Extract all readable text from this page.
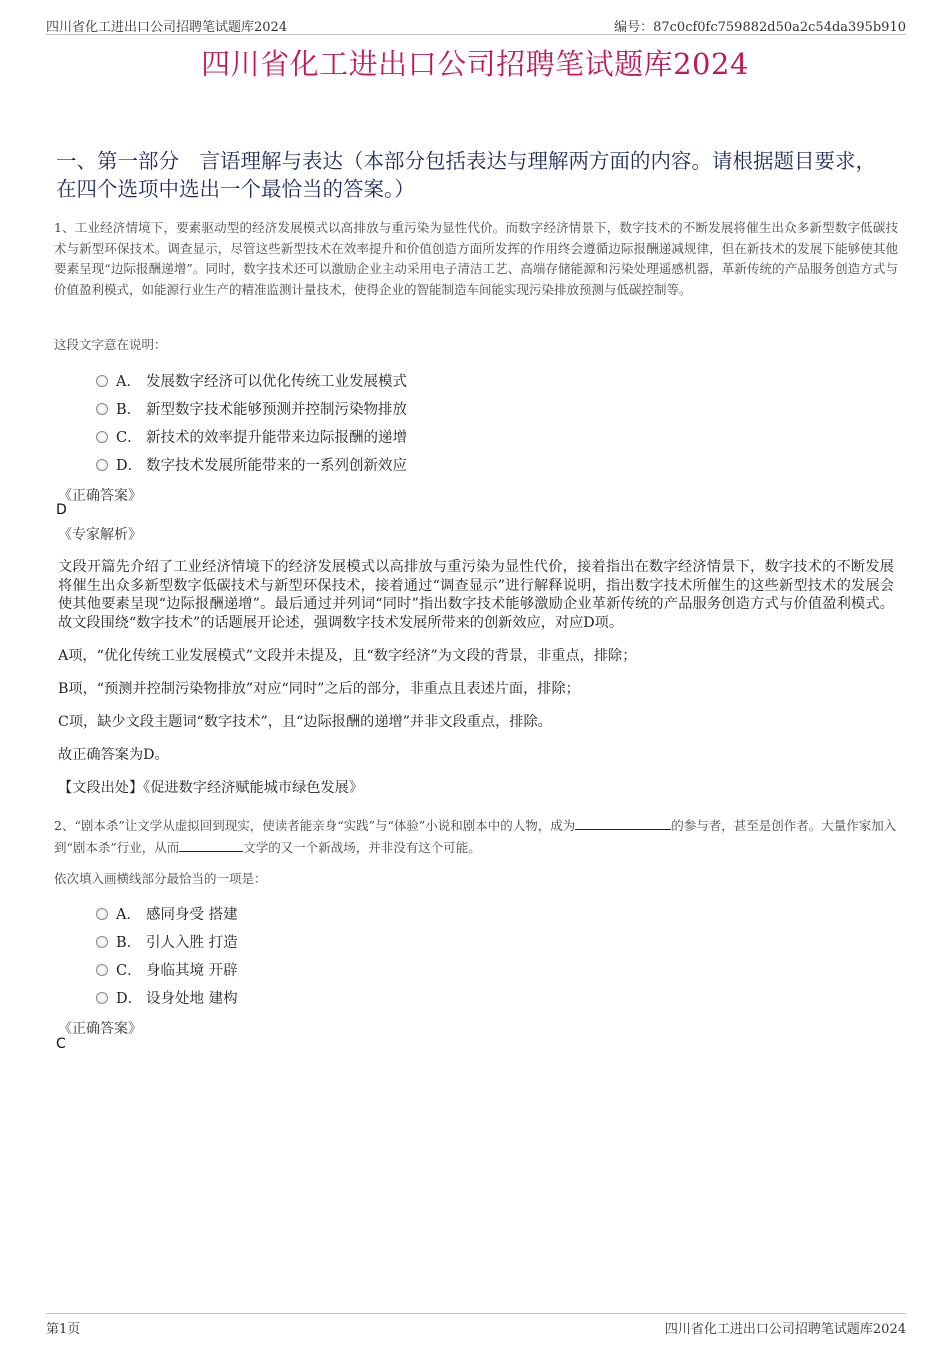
四川省化工进出口公司招聘笔试题库2024	编号：87c0cf0fc759882d50a2c54da395b910
四川省化工进出口公司招聘笔试题库2024
一、第一部分　言语理解与表达（本部分包括表达与理解两方面的内容。请根据题目要求，在四个选项中选出一个最恰当的答案。）
1、工业经济情境下，要素驱动型的经济发展模式以高排放与重污染为显性代价。而数字经济情景下，数字技术的不断发展将催生出众多新型数字低碳技术与新型环保技术。调查显示，尽管这些新型技术在效率提升和价值创造方面所发挥的作用终会遵循边际报酬递减规律，但在新技术的发展下能够使其他要素呈现“边际报酬递增”。同时，数字技术还可以激励企业主动采用电子清洁工艺、高端存储能源和污染处理遥感机器，革新传统的产品服务创造方式与价值盈利模式，如能源行业生产的精准监测计量技术，使得企业的智能制造车间能实现污染排放预测与低碳控制等。
这段文字意在说明：
A． 发展数字经济可以优化传统工业发展模式
B． 新型数字技术能够预测并控制污染物排放
C． 新技术的效率提升能带来边际报酬的递增
D． 数字技术发展所能带来的一系列创新效应
《正确答案》
D
《专家解析》
文段开篇先介绍了工业经济情境下的经济发展模式以高排放与重污染为显性代价，接着指出在数字经济情景下，数字技术的不断发展将催生出众多新型数字低碳技术与新型环保技术，接着通过“调查显示”进行解释说明，指出数字技术所催生的这些新型技术的发展会使其他要素呈现“边际报酬递增”。最后通过并列词“同时”指出数字技术能够激励企业革新传统的产品服务创造方式与价值盈利模式。故文段围绕“数字技术”的话题展开论述，强调数字技术发展所带来的创新效应，对应D项。
A项，“优化传统工业发展模式”文段并未提及，且“数字经济”为文段的背景，非重点，排除；
B项，“预测并控制污染物排放”对应“同时”之后的部分，非重点且表述片面，排除；
C项，缺少文段主题词“数字技术”，且“边际报酬的递增”并非文段重点，排除。
故正确答案为D。
【文段出处】《促进数字经济赋能城市绿色发展》
2、“剧本杀”让文学从虚拟回到现实，使读者能亲身“实践”与“体验”小说和剧本中的人物，成为	的参与者，甚至是创作者。大量作家加入到“剧本杀”行业，从而	文学的又一个新战场，并非没有这个可能。
依次填入画横线部分最恰当的一项是：
A． 感同身受 搭建
B． 引人入胜 打造
C． 身临其境 开辟
D． 设身处地 建构
《正确答案》
C
第1页	四川省化工进出口公司招聘笔试题库2024
